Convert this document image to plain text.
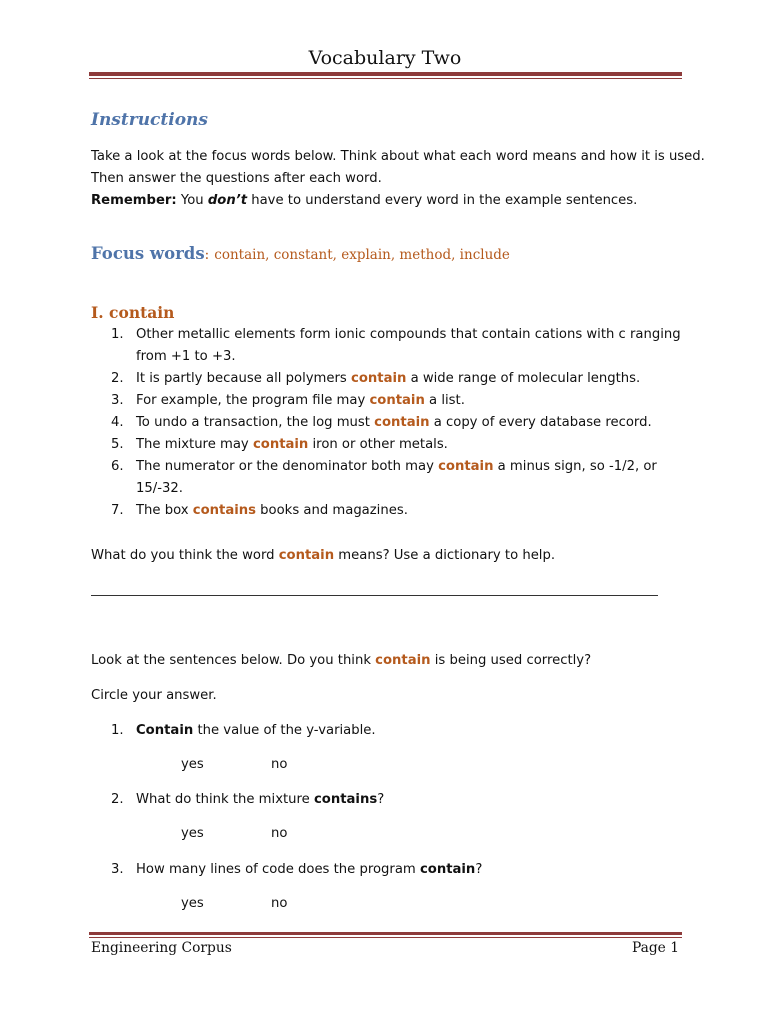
Vocabulary Two
Instructions
Take a look at the focus words below. Think about what each word means and how it is used.
Then answer the questions after each word.
Remember: You don’t have to understand every word in the example sentences.
Focus words: contain, constant, explain, method, include
I. contain
1. Other metallic elements form ionic compounds that contain cations with c ranging
from +1 to +3.
2. It is partly because all polymers contain a wide range of molecular lengths.
3. For example, the program file may contain a list.
4. To undo a transaction, the log must contain a copy of every database record.
5. The mixture may contain iron or other metals.
6. The numerator or the denominator both may contain a minus sign, so -1/2, or 15/-32.
7. The box contains books and magazines.
What do you think the word contain means? Use a dictionary to help.
Look at the sentences below. Do you think contain is being used correctly?
Circle your answer.
1. Contain the value of the y-variable.
yes	no
2. What do think the mixture contains?
yes	no
3. How many lines of code does the program contain?
yes	no
Engineering Corpus	Page 1
